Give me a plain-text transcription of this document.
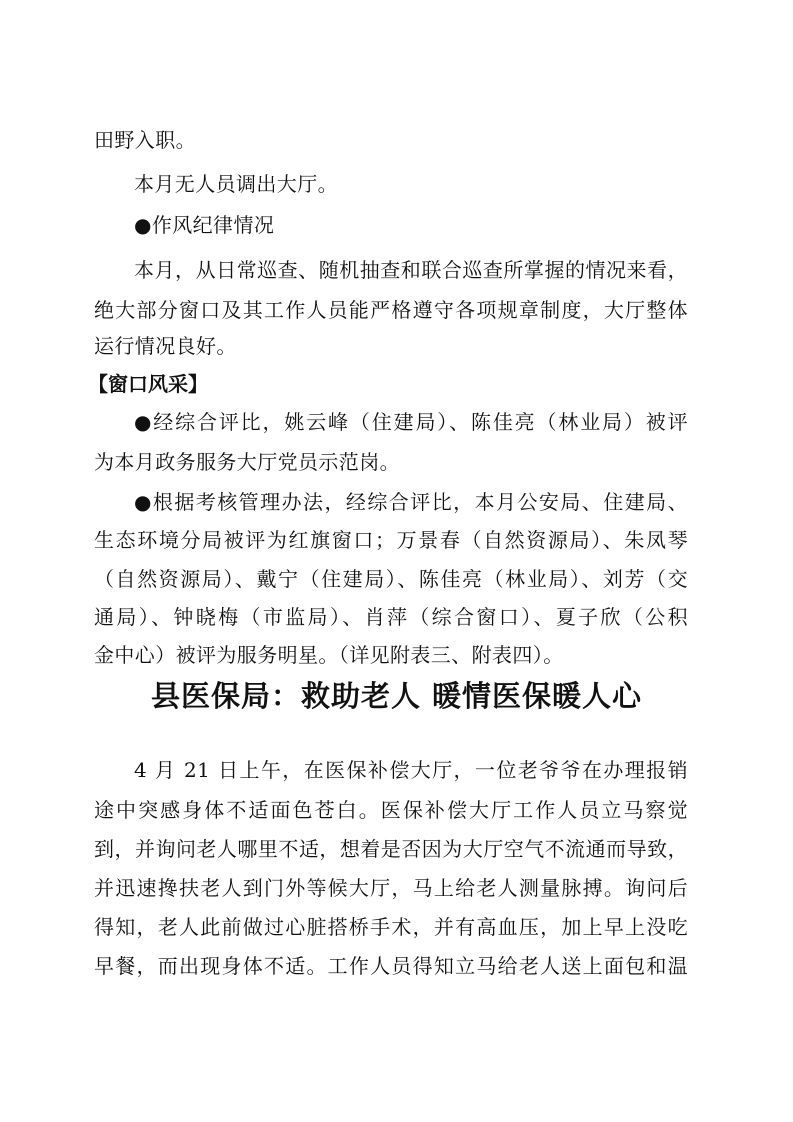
田野入职。
本月无人员调出大厅。
●作风纪律情况
本月，从日常巡查、随机抽查和联合巡查所掌握的情况来看，
绝大部分窗口及其工作人员能严格遵守各项规章制度，大厅整体
运行情况良好。
【窗口风采】
●经综合评比，姚云峰（住建局）、陈佳亮（林业局）被评
为本月政务服务大厅党员示范岗。
●根据考核管理办法，经综合评比，本月公安局、住建局、
生态环境分局被评为红旗窗口；万景春（自然资源局）、朱凤琴
（自然资源局）、戴宁（住建局）、陈佳亮（林业局）、刘芳（交
通局）、钟晓梅（市监局）、肖萍（综合窗口）、夏子欣（公积
金中心）被评为服务明星。（详见附表三、附表四）。
县医保局：救助老人 暖情医保暖人心
4 月 21 日上午，在医保补偿大厅，一位老爷爷在办理报销
途中突感身体不适面色苍白。医保补偿大厅工作人员立马察觉
到，并询问老人哪里不适，想着是否因为大厅空气不流通而导致，
并迅速搀扶老人到门外等候大厅，马上给老人测量脉搏。询问后
得知，老人此前做过心脏搭桥手术，并有高血压，加上早上没吃
早餐，而出现身体不适。工作人员得知立马给老人送上面包和温
